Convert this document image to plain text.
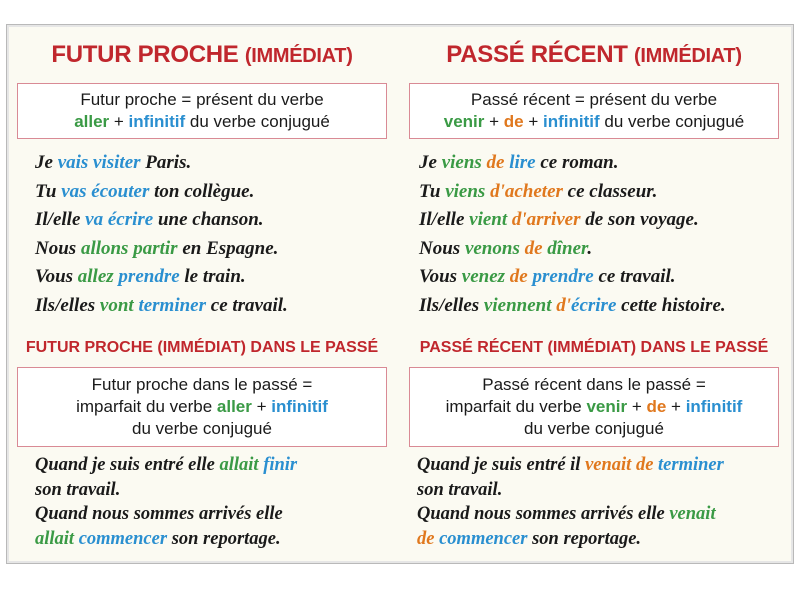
FUTUR PROCHE (IMMÉDIAT)
Futur proche = présent du verbe
aller + infinitif du verbe conjugué
Je vais visiter Paris.
Tu vas écouter ton collègue.
Il/elle va écrire une chanson.
Nous allons partir en Espagne.
Vous allez prendre le train.
Ils/elles vont terminer ce travail.
FUTUR PROCHE (IMMÉDIAT) DANS LE PASSÉ
Futur proche dans le passé =
imparfait du verbe aller + infinitif
du verbe conjugué
Quand je suis entré elle allait finir
son travail.
Quand nous sommes arrivés elle
allait commencer son reportage.
PASSÉ RÉCENT (IMMÉDIAT)
Passé récent = présent du verbe
venir + de + infinitif du verbe conjugué
Je viens de lire ce roman.
Tu viens d'acheter ce classeur.
Il/elle vient d'arriver de son voyage.
Nous venons de dîner.
Vous venez de prendre ce travail.
Ils/elles viennent d'écrire cette histoire.
PASSÉ RÉCENT (IMMÉDIAT) DANS LE PASSÉ
Passé récent dans le passé =
imparfait du verbe venir + de + infinitif
du verbe conjugué
Quand je suis entré il venait de terminer
son travail.
Quand nous sommes arrivés elle venait
de commencer son reportage.
